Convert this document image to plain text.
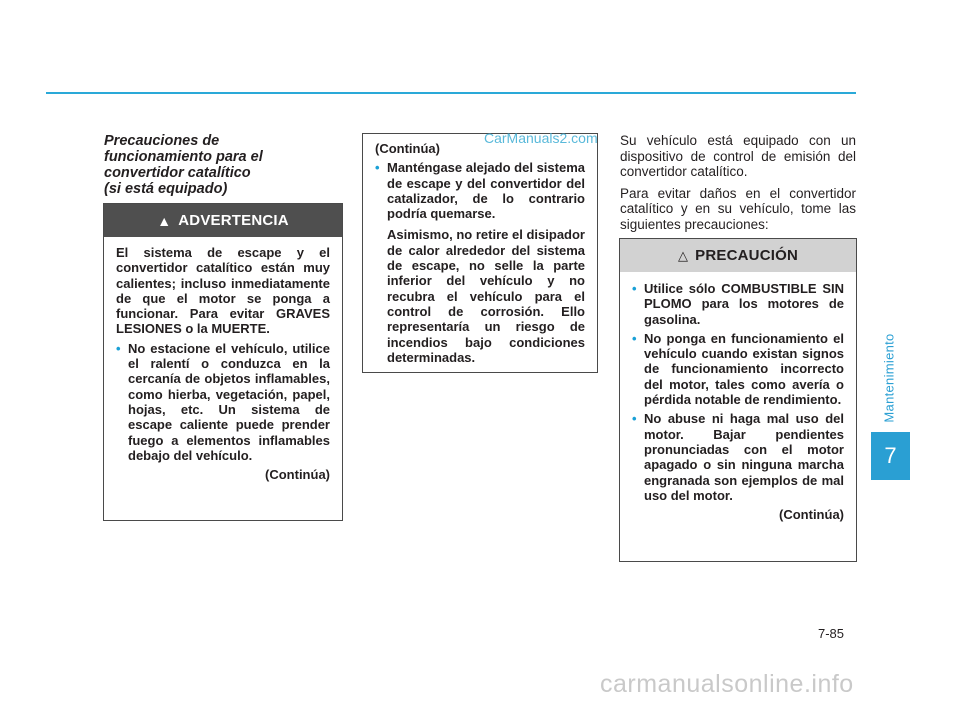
Precauciones de
funcionamiento para el
convertidor catalítico
(si está equipado)
▲ ADVERTENCIA

El sistema de escape y el convertidor catalítico están muy calientes; incluso inmediatamente de que el motor se ponga a funcionar. Para evitar GRAVES LESIONES o la MUERTE.

• No estacione el vehículo, utilice el ralentí o conduzca en la cercanía de objetos inflamables, como hierba, vegetación, papel, hojas, etc. Un sistema de escape caliente puede prender fuego a elementos inflamables debajo del vehículo.

(Continúa)

(Continúa)

• Manténgase alejado del sistema de escape y del convertidor del catalizador, de lo contrario podría quemarse.

Asimismo, no retire el disipador de calor alrededor del sistema de escape, no selle la parte inferior del vehículo y no recubra el vehículo para el control de corrosión. Ello representaría un riesgo de incendios bajo condiciones determinadas.

CarManuals2.com Su vehículo está equipado con un dispositivo de control de emisión del convertidor catalítico.

Para evitar daños en el convertidor catalítico y en su vehículo, tome las siguientes precauciones:

△ PRECAUCIÓN
• Utilice sólo COMBUSTIBLE SIN PLOMO para los motores de gasolina.
• No ponga en funcionamiento el vehículo cuando existan signos de funcionamiento incorrecto del motor, tales como avería o pérdida notable de rendimiento.
• No abuse ni haga mal uso del motor. Bajar pendientes pronunciadas con el motor apagado o sin ninguna marcha engranada son ejemplos de mal uso del motor.

(Continúa)

Mantenimiento
7
7-85
carmanualsonline.info
